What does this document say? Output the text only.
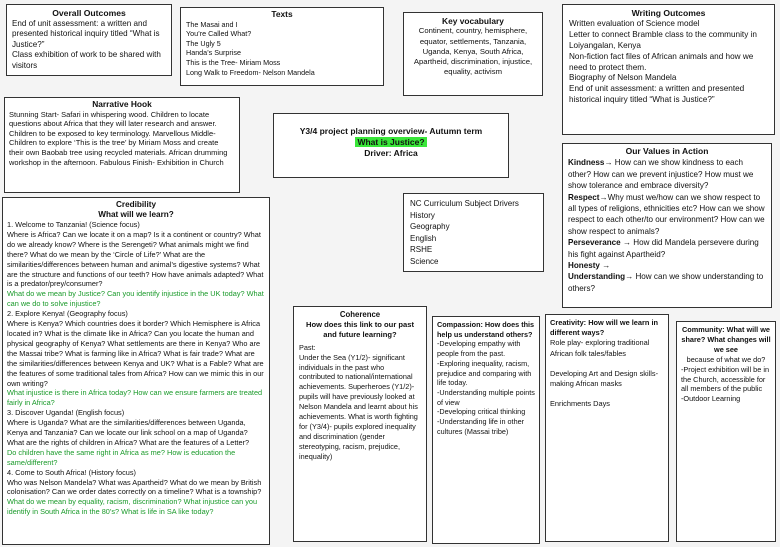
Overall Outcomes
End of unit assessment: a written and presented historical inquiry titled “What is Justice?”
Class exhibition of work to be shared with visitors
Texts
The Masai and I
You’re Called What?
The Ugly 5
Handa’s Surprise
This is the Tree- Miriam Moss
Long Walk to Freedom- Nelson Mandela
Key vocabulary
Continent, country, hemisphere, equator, settlements, Tanzania, Uganda, Kenya, South Africa, Apartheid, discrimination, injustice, equality, activism
Writing Outcomes
Written evaluation of Science model
Letter to connect Bramble class to the community in Loiyangalan, Kenya
Non-fiction fact files of African animals and how we need to protect them.
Biography of Nelson Mandela
End of unit assessment: a written and presented historical inquiry titled “What is Justice?”
Narrative Hook
Stunning Start- Safari in whispering wood. Children to locate questions about Africa that they will later research and answer. Children to be exposed to key terminology. Marvellous Middle- Children to explore ‘This is the tree’ by Miriam Moss and create their own Baobab tree using recycled materials. African drumming workshop in the afternoon. Fabulous Finish- Exhibition in Church
Y3/4 project planning overview- Autumn term
What is Justice?
Driver: Africa	Our Values in Action
Kindness→ How can we show kindness to each other? How can we prevent injustice? How must we show tolerance and embrace diversity?
Respect→Why must we/how can we show respect to all types of religions, ethnicities etc? How can we show respect to each other/to our environment? How can we show respect to animals?
Perseverance → How did Mandela persevere during his fight against Apartheid?
Honesty →
Understanding→ How can we show understanding to others?
Credibility
What will we learn?
1. Welcome to Tanzania! (Science focus)
Where is Africa? Can we locate it on a map? Is it a continent or country? What do we already know? Where is the Serengeti? What animals might we find there? What do we mean by the ‘Circle of Life?’ What are the similarities/differences between human and animal’s digestive systems? What are the structure and functions of our teeth? How have animals adapted? What is a predator/prey/consumer?
What do we mean by Justice? Can you identify injustice in the UK today? What can we do to solve injustice?
2. Explore Kenya! (Geography focus)
Where is Kenya? Which countries does it border? Which Hemisphere is Africa located in? What is the climate like in Africa? Can you locate the human and physical geography of Kenya? What settlements are there in Kenya? Who are the Massai tribe? What is farming like in Africa? What is fair trade? What are the similarities/differences between Kenya and UK? What is a Fable? What are the features of some traditional tales from Africa? How can we mimic this in our own writing?
What injustice is there in Africa today? How can we ensure farmers are treated fairly in Africa?
3. Discover Uganda! (English focus)
Where is Uganda? What are the similarities/differences between Uganda, Kenya and Tanzania? Can we locate our link school on a map of Uganda? What are the rights of children in Africa? What are the features of a Letter?
Do children have the same right in Africa as me? How is education the same/different?
4. Come to South Africa! (History focus)
Who was Nelson Mandela? What was Apartheid? What do we mean by British colonisation? Can we order dates correctly on a timeline? What is a township?
What do we mean by equality, racism, discrimination? What injustice can you identify in South Africa in the 80’s? What is life in SA like today?
NC Curriculum Subject Drivers
History
Geography
English
RSHE
Science
Coherence
How does this link to our past and future learning?
Past:
Under the Sea (Y1/2)- significant individuals in the past who contributed to national/international achievements. Superheroes (Y1/2)- pupils will have previously looked at Nelson Mandela and learnt about his achievements. What is worth fighting for (Y3/4)- pupils explored inequality and discrimination (gender stereotyping, racism, prejudice, inequality)
Compassion: How does this help us understand others?
-Developing empathy with people from the past.
-Exploring inequality, racism, prejudice and comparing with life today.
-Understanding multiple points of view
-Developing critical thinking
-Understanding life in other cultures (Massai tribe)
Creativity: How will we learn in different ways?
Role play- exploring traditional African folk tales/fables
Developing Art and Design skills- making African masks
Enrichments Days
Community: What will we share? What changes will we see
because of what we do?
-Project exhibition will be in the Church, accessible for all members of the public
-Outdoor Learning
